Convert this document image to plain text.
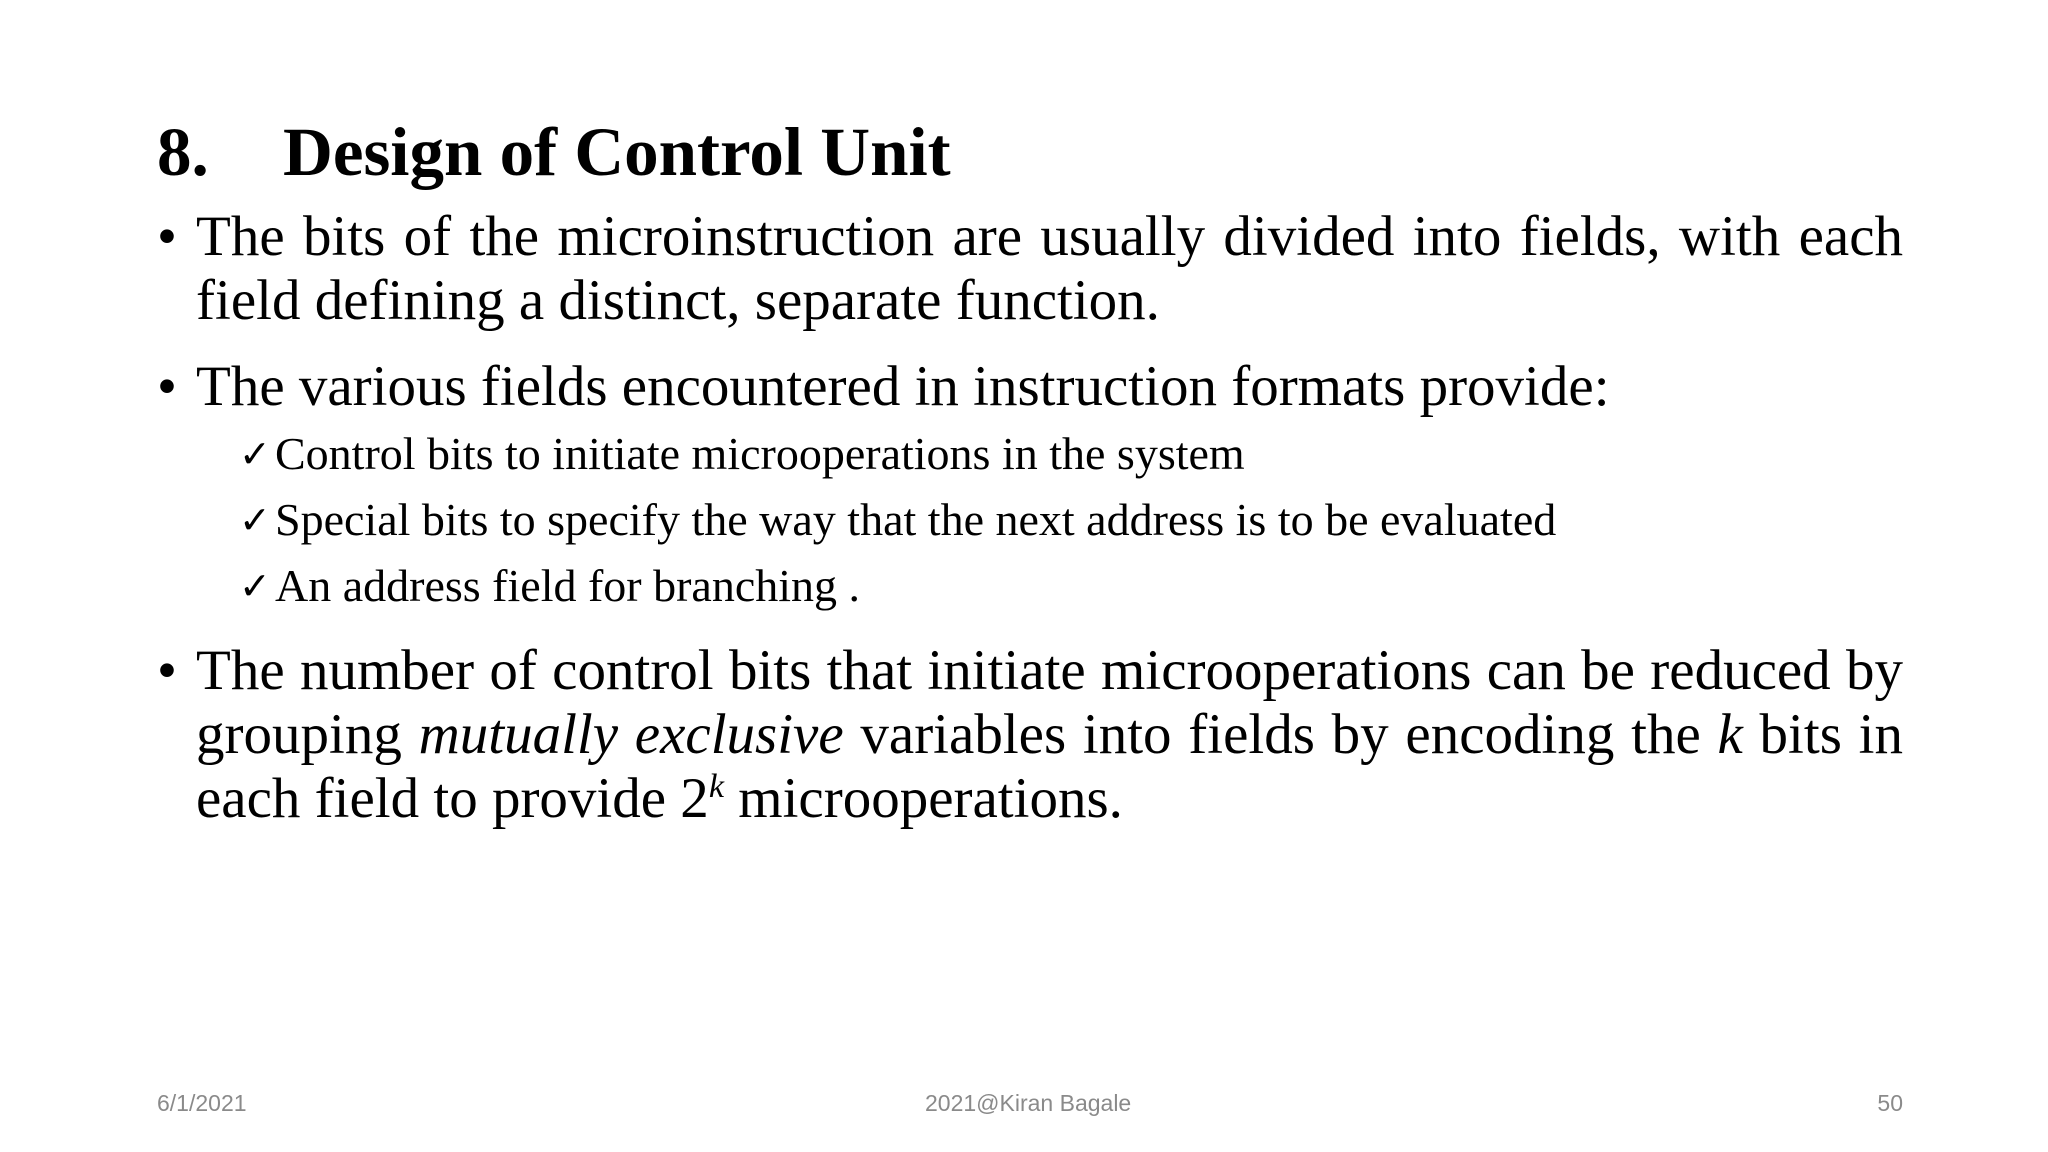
8. Design of Control Unit
• The bits of the microinstruction are usually divided into fields, with each field defining a distinct, separate function.
• The various fields encountered in instruction formats provide:
✓ Control bits to initiate microoperations in the system
✓ Special bits to specify the way that the next address is to be evaluated
✓ An address field for branching .
• The number of control bits that initiate microoperations can be reduced by grouping mutually exclusive variables into fields by encoding the k bits in each field to provide 2$^k$ microoperations.
6/1/2021	2021@Kiran Bagale	50
